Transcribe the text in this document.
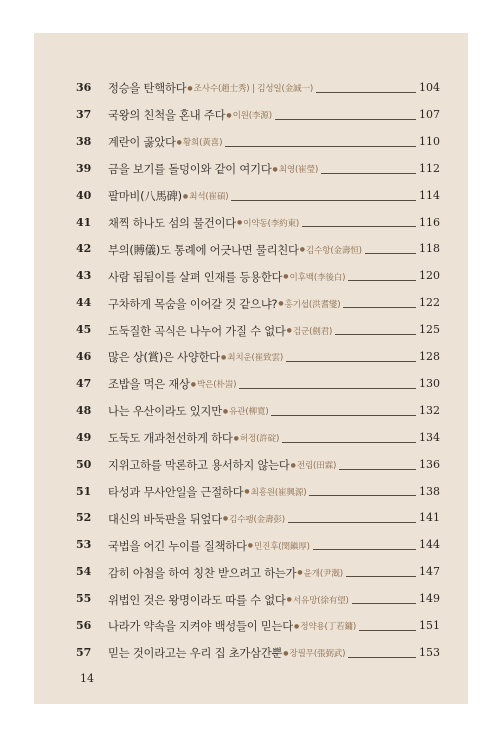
36	정승을 탄핵하다 ● 조사수(趙士秀) | 김성일(金誠一)	104
37	국왕의 친척을 혼내 주다 ● 이원(李源)	107
38	계란이 곯았다 ● 황희(黃喜)	110
39	금을 보기를 돌덩이와 같이 여기다 ● 최영(崔瑩)	112
40	팔마비(八馬碑) ● 최석(崔碩)	114
41	채찍 하나도 섬의 물건이다 ● 이약동(李約東)	116
42	부의(賻儀)도 통례에 어긋나면 물리친다 ● 김수항(金壽恒)	118
43	사람 됨됨이를 살펴 인재를 등용한다 ● 이후백(李後白)	120
44	구차하게 목숨을 이어갈 것 같으냐? ● 홍기섭(洪耆燮)	122
45	도둑질한 곡식은 나누어 가질 수 없다 ● 검군(劍君)	125
46	많은 상(賞)은 사양한다 ● 최치운(崔致雲)	128
47	조밥을 먹은 재상 ● 박은(朴訔)	130
48	나는 우산이라도 있지만 ● 유관(柳寬)	132
49	도둑도 개과천선하게 하다 ● 허정(許碇)	134
50	지위고하를 막론하고 용서하지 않는다 ● 전림(田霖)	136
51	타성과 무사안일을 근절하다 ● 최흥원(崔興源)	138
52	대신의 바둑판을 뒤엎다 ● 김수팽(金壽彭)	141
53	국법을 어긴 누이를 질책하다 ● 민진후(閔鎭厚)	144
54	감히 아첨을 하여 칭찬 받으려고 하는가 ● 윤개(尹漑)	147
55	위법인 것은 왕명이라도 따를 수 없다 ● 서유망(徐有望)	149
56	나라가 약속을 지켜야 백성들이 믿는다 ● 정약용(丁若鏞)	151
57	믿는 것이라고는 우리 집 초가삼간뿐 ● 장필무(張弼武)	153
14
